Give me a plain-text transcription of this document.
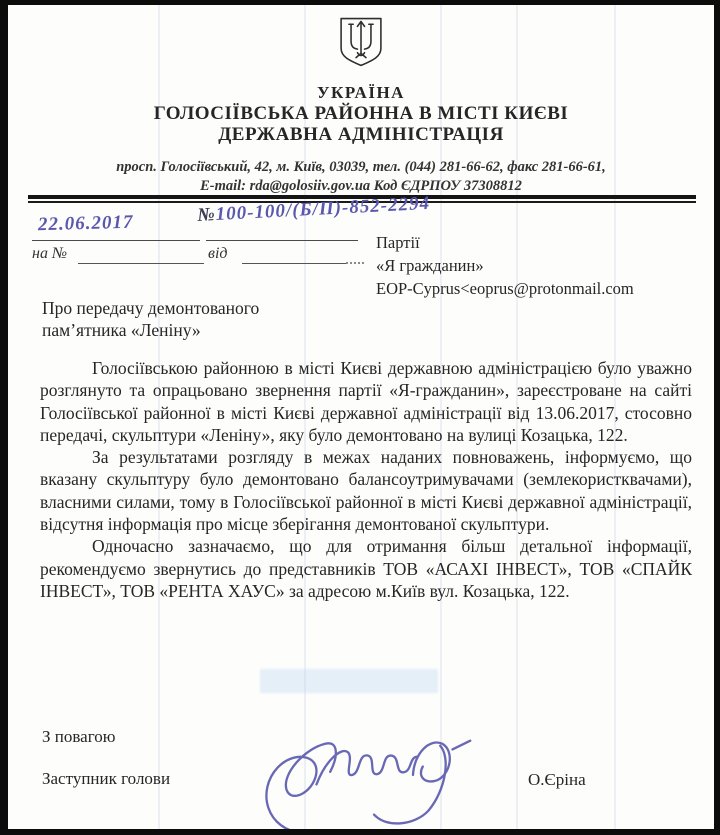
УКРАЇНА
ГОЛОСІЇВСЬКА РАЙОННА В МІСТІ КИЄВІ
ДЕРЖАВНА АДМІНІСТРАЦІЯ
просп. Голосіївський, 42, м. Київ, 03039, тел. (044) 281-66-62, факс 281-66-61,
E-mail: rda@golosiiv.gov.ua Код ЄДРПОУ 37308812
22.06.2017	№100-100/(Б/П)-852-2294
на №	від
Партії
«Я гражданин»
ЕОР-Cyprus<eoprus@protonmail.com
Про передачу демонтованого
пам’ятника «Леніну»

Голосіївською районною в місті Києві державною адміністрацією було уважно розглянуто та опрацьовано звернення партії «Я-гражданин», зареєстроване на сайті Голосіївської районної в місті Києві державної адміністрації від 13.06.2017, стосовно передачі, скульптури «Леніну», яку було демонтовано на вулиці Козацька, 122.

За результатами розгляду в межах наданих повноважень, інформуємо, що вказану скульптуру було демонтовано балансоутримувачами (землекористквачами), власними силами, тому в Голосіївської районної в місті Києві державної адміністрації, відсутня інформація про місце зберігання демонтованої скульптури.

Одночасно зазначаємо, що для отримання більш детальної інформації, рекомендуємо звернутись до представників ТОВ «АСАХІ ІНВЕСТ», ТОВ «СПАЙК ІНВЕСТ», ТОВ «РЕНТА ХАУС» за адресою м.Київ вул. Козацька, 122.

З повагою
Заступник голови	О.Єріна
